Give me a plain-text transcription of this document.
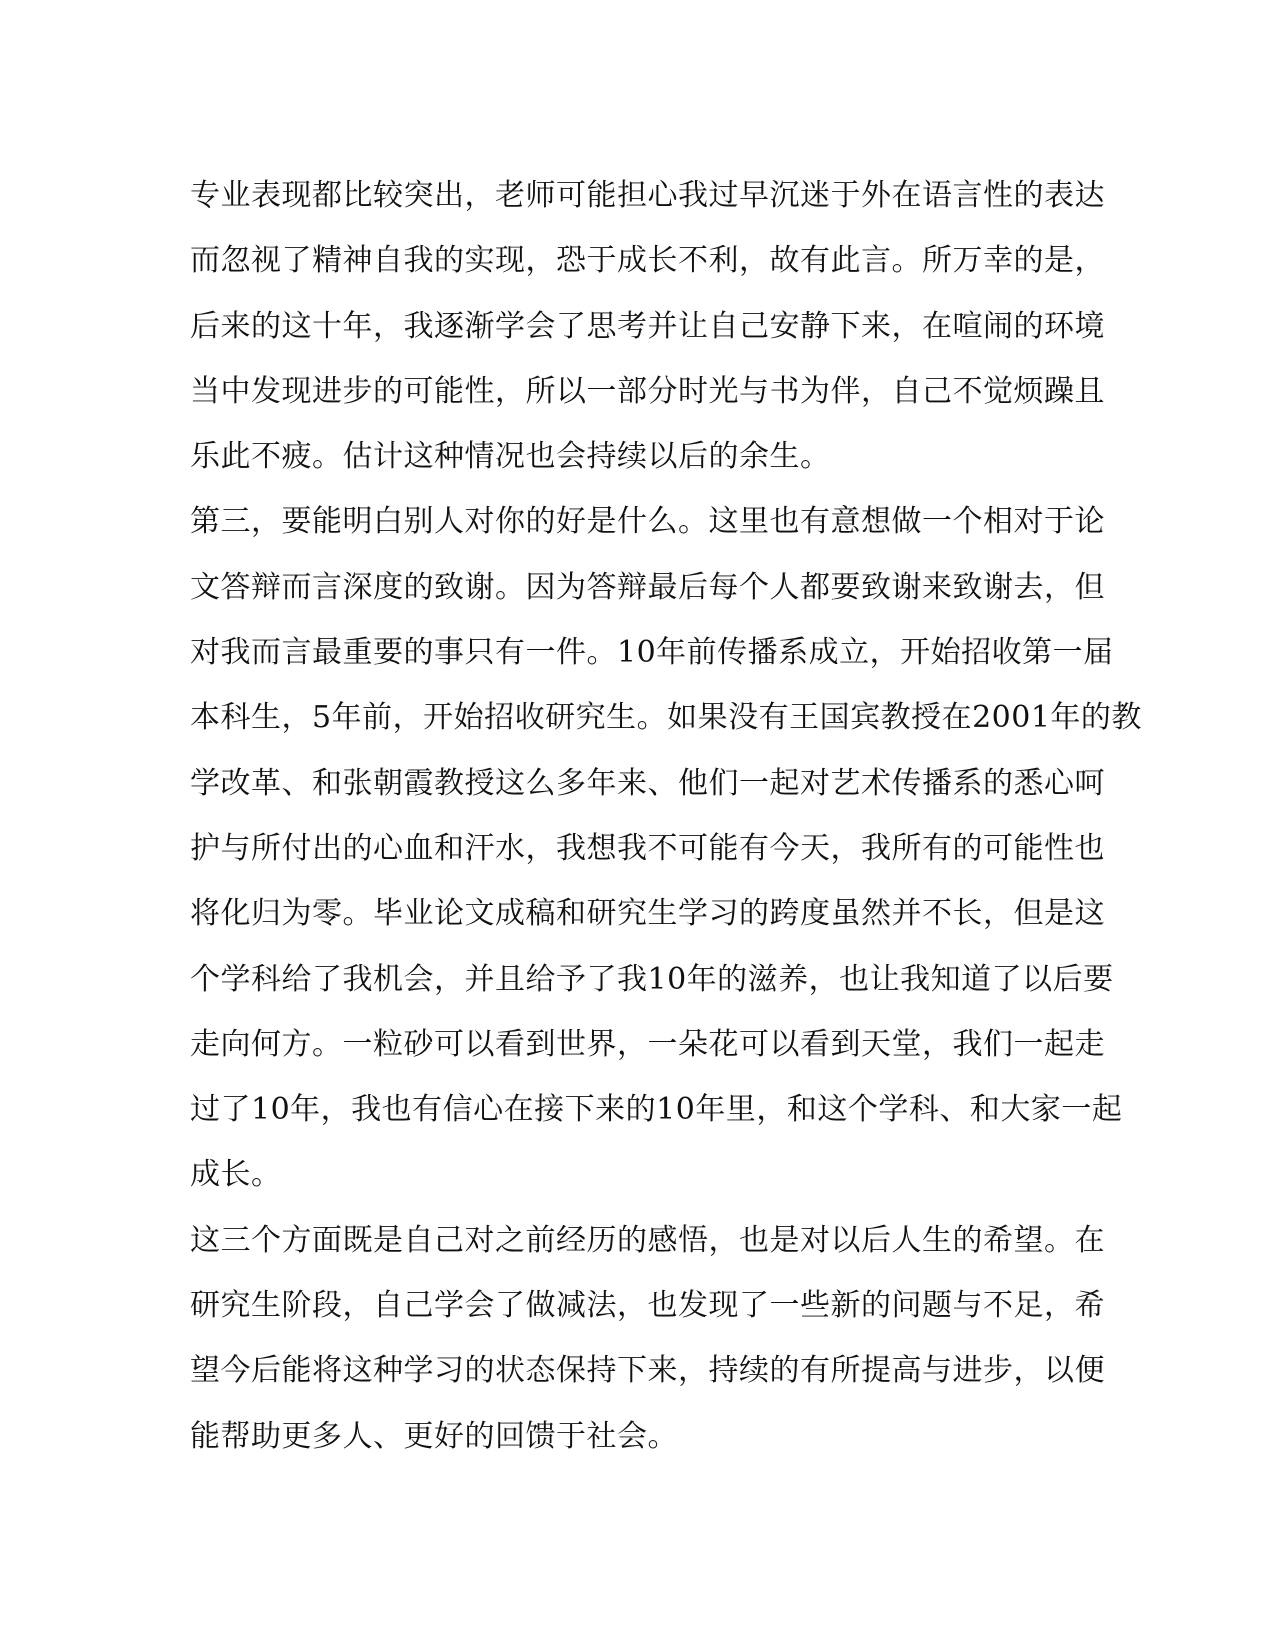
专业表现都比较突出，老师可能担心我过早沉迷于外在语言性的表达
而忽视了精神自我的实现，恐于成长不利，故有此言。所万幸的是，
后来的这十年，我逐渐学会了思考并让自己安静下来，在喧闹的环境
当中发现进步的可能性，所以一部分时光与书为伴，自己不觉烦躁且
乐此不疲。估计这种情况也会持续以后的余生。
第三，要能明白别人对你的好是什么。这里也有意想做一个相对于论
文答辩而言深度的致谢。因为答辩最后每个人都要致谢来致谢去，但
对我而言最重要的事只有一件。10年前传播系成立，开始招收第一届
本科生，5年前，开始招收研究生。如果没有王国宾教授在2001年的教
学改革、和张朝霞教授这么多年来、他们一起对艺术传播系的悉心呵
护与所付出的心血和汗水，我想我不可能有今天，我所有的可能性也
将化归为零。毕业论文成稿和研究生学习的跨度虽然并不长，但是这
个学科给了我机会，并且给予了我10年的滋养，也让我知道了以后要
走向何方。一粒砂可以看到世界，一朵花可以看到天堂，我们一起走
过了10年，我也有信心在接下来的10年里，和这个学科、和大家一起
成长。
这三个方面既是自己对之前经历的感悟，也是对以后人生的希望。在
研究生阶段，自己学会了做减法，也发现了一些新的问题与不足，希
望今后能将这种学习的状态保持下来，持续的有所提高与进步，以便
能帮助更多人、更好的回馈于社会。
